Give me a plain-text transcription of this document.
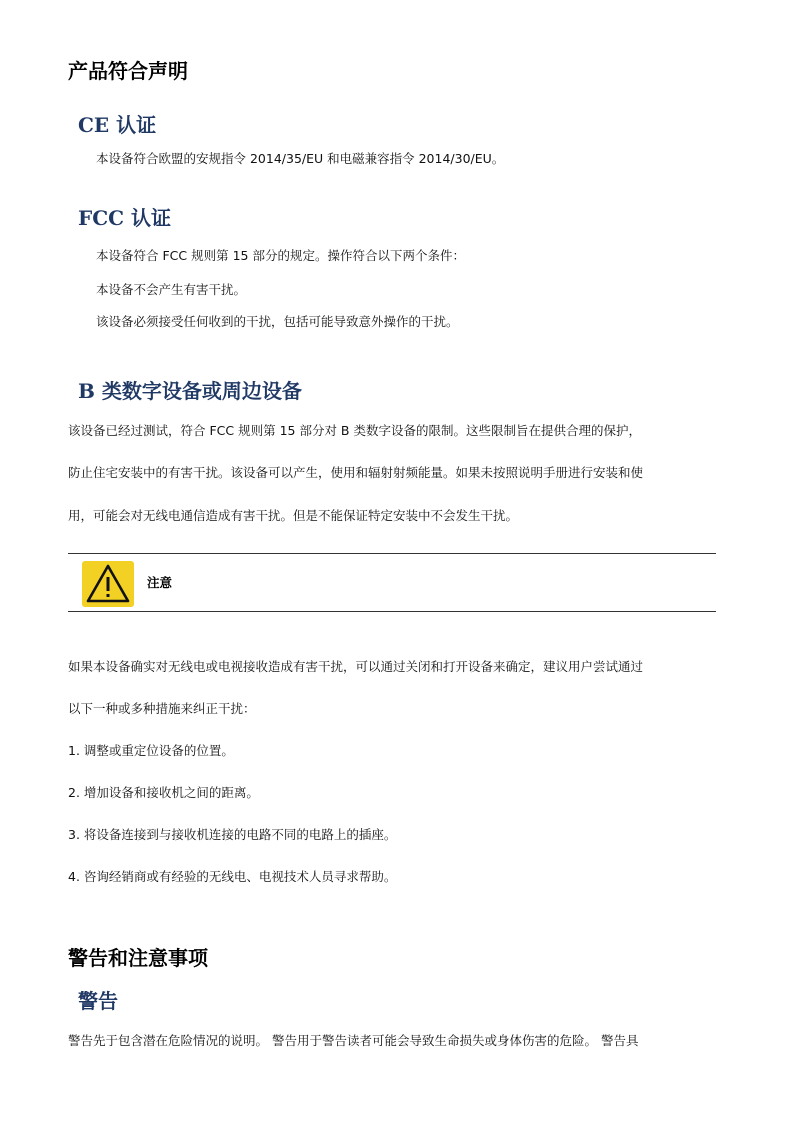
产品符合声明
CE 认证
本设备符合欧盟的安规指令 2014/35/EU 和电磁兼容指令 2014/30/EU。
FCC 认证
本设备符合 FCC 规则第 15 部分的规定。操作符合以下两个条件：
本设备不会产生有害干扰。
该设备必须接受任何收到的干扰，包括可能导致意外操作的干扰。
B 类数字设备或周边设备
该设备已经过测试，符合 FCC 规则第 15 部分对 B 类数字设备的限制。这些限制旨在提供合理的保护，
防止住宅安装中的有害干扰。该设备可以产生，使用和辐射射频能量。如果未按照说明手册进行安装和使
用，可能会对无线电通信造成有害干扰。但是不能保证特定安装中不会发生干扰。
注意
如果本设备确实对无线电或电视接收造成有害干扰，可以通过关闭和打开设备来确定，建议用户尝试通过
以下一种或多种措施来纠正干扰：
1. 调整或重定位设备的位置。
2. 增加设备和接收机之间的距离。
3. 将设备连接到与接收机连接的电路不同的电路上的插座。
4. 咨询经销商或有经验的无线电、电视技术人员寻求帮助。
警告和注意事项
警告
警告先于包含潜在危险情况的说明。 警告用于警告读者可能会导致生命损失或身体伤害的危险。 警告具
